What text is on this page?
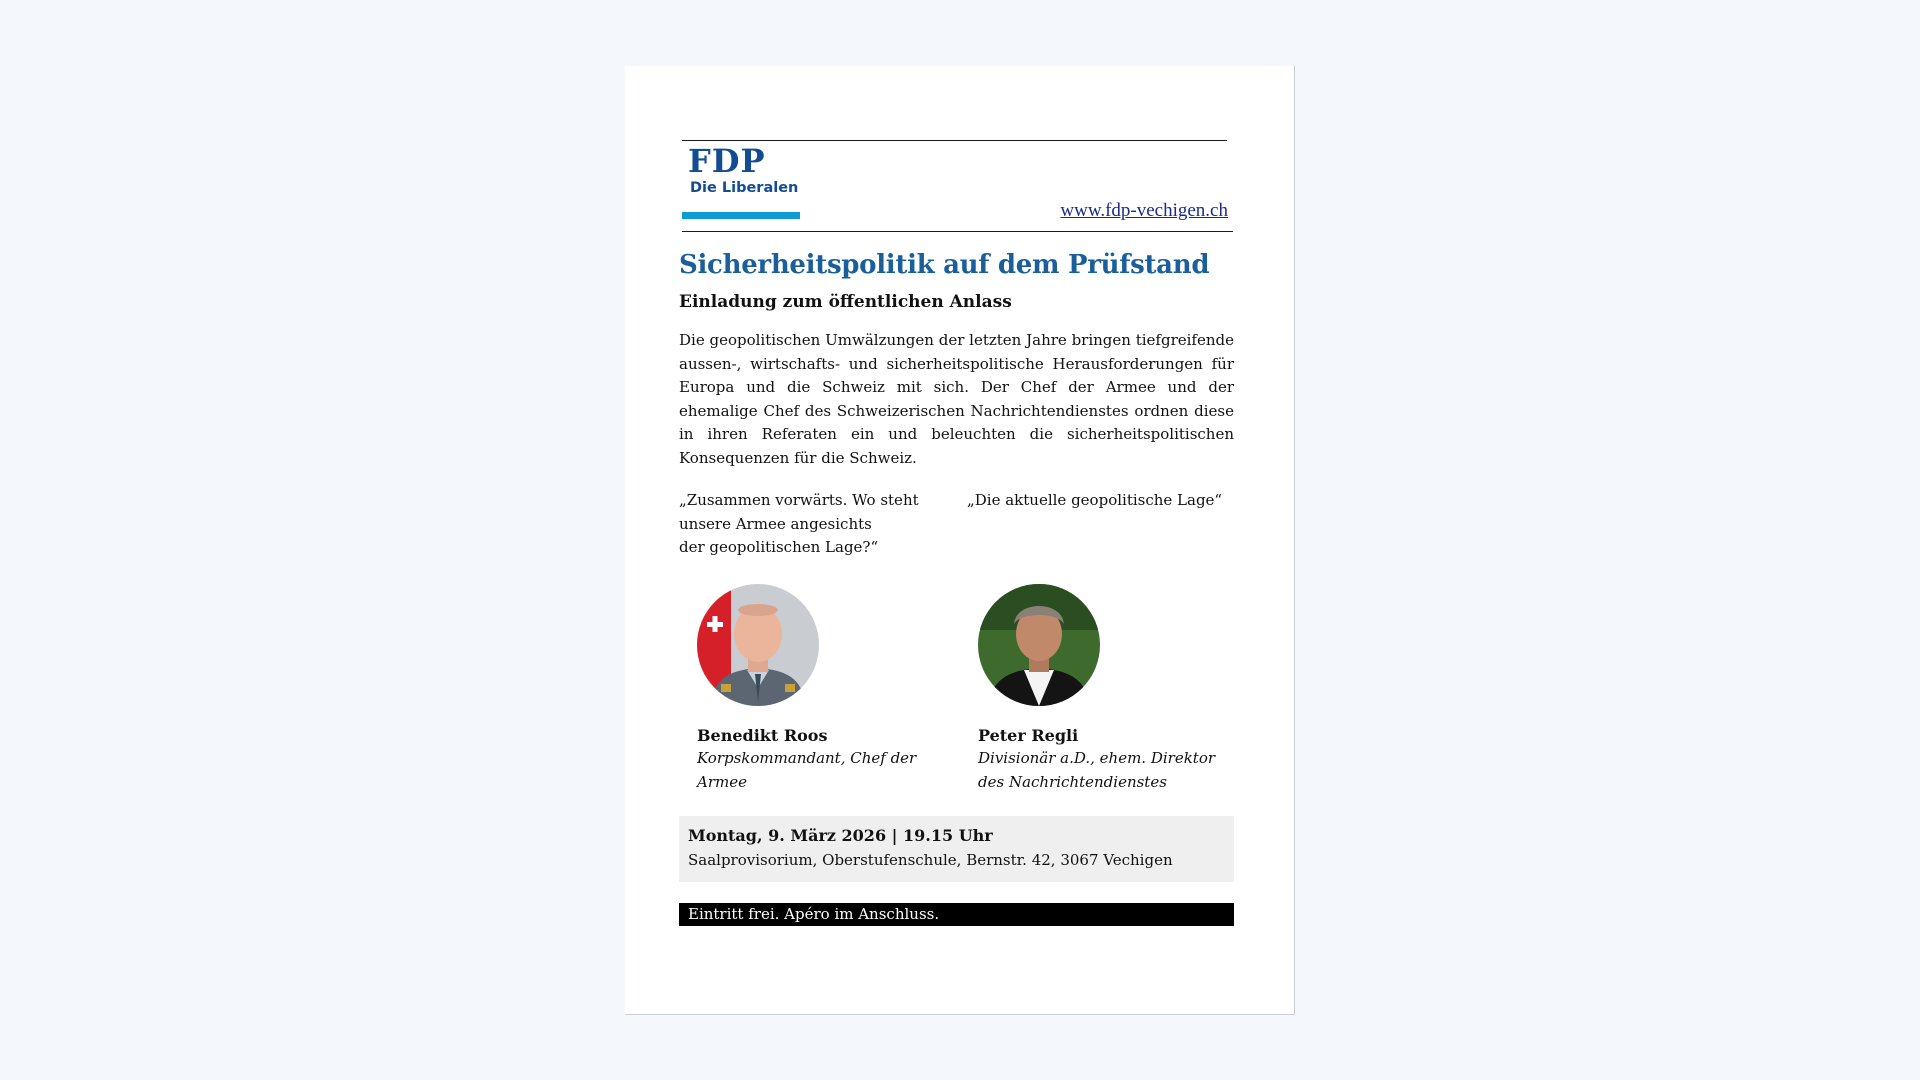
FDP
Die Liberalen
www.fdp-vechigen.ch
Sicherheitspolitik auf dem Prüfstand
Einladung zum öffentlichen Anlass

Die geopolitischen Umwälzungen der letzten Jahre bringen tiefgreifende aussen-, wirtschafts- und sicherheitspolitische Herausforderungen für Europa und die Schweiz mit sich. Der Chef der Armee und der ehemalige Chef des Schweizerischen Nachrichtendienstes ordnen diese in ihren Referaten ein und beleuchten die sicherheitspolitischen Konsequenzen für die Schweiz.

„Zusammen vorwärts. Wo steht
unsere Armee angesichts
der geopolitischen Lage?“
„Die aktuelle geopolitische Lage“
Benedikt Roos
Korpskommandant, Chef der Armee
Peter Regli
Divisionär a.D., ehem. Direktor
des Nachrichtendienstes
Montag, 9. März 2026 | 19.15 Uhr
Saalprovisorium, Oberstufenschule, Bernstr. 42, 3067 Vechigen
Eintritt frei. Apéro im Anschluss.
